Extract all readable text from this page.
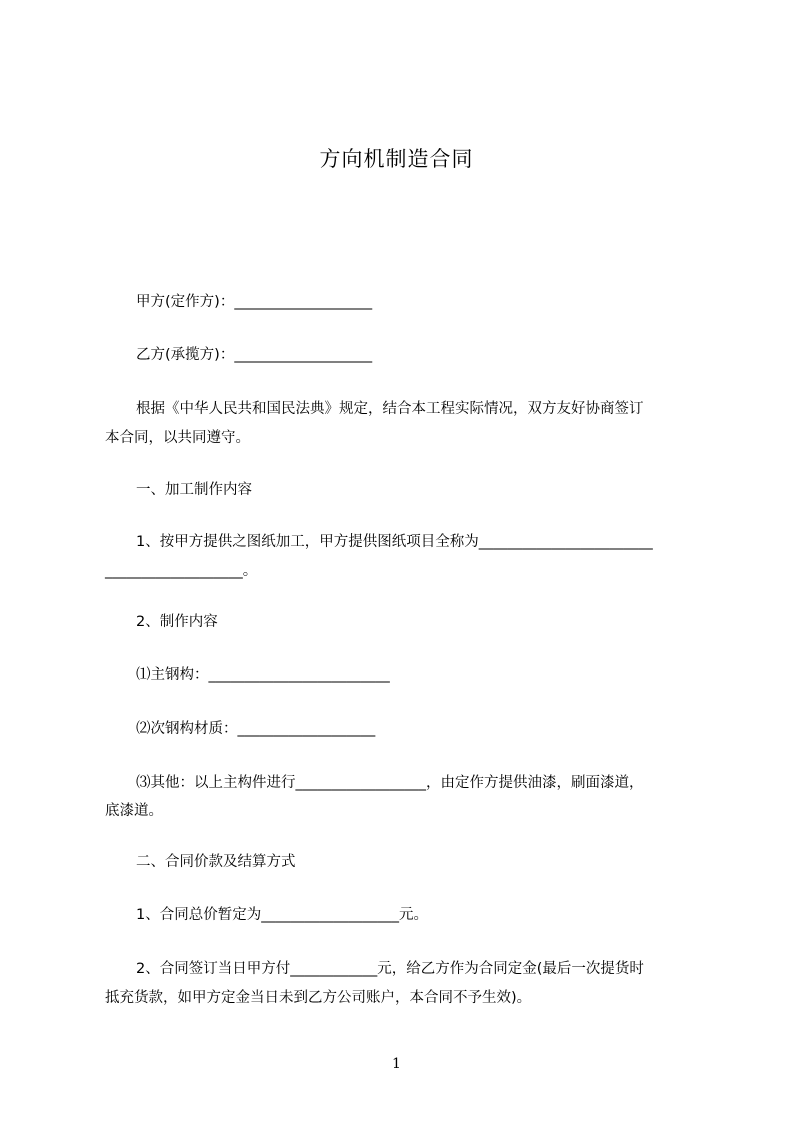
方向机制造合同
甲方(定作方)：___________________
乙方(承揽方)：___________________
根据《中华人民共和国民法典》规定，结合本工程实际情况，双方友好协商签订
本合同，以共同遵守。
一、加工制作内容
1、按甲方提供之图纸加工，甲方提供图纸项目全称为________________________
___________________。
2、制作内容
⑴主钢构：_________________________
⑵次钢构材质：___________________
⑶其他：以上主构件进行__________________，由定作方提供油漆，刷面漆道，
底漆道。
二、合同价款及结算方式
1、合同总价暂定为___________________元。
2、合同签订当日甲方付____________元，给乙方作为合同定金(最后一次提货时
抵充货款，如甲方定金当日未到乙方公司账户，本合同不予生效)。
1
